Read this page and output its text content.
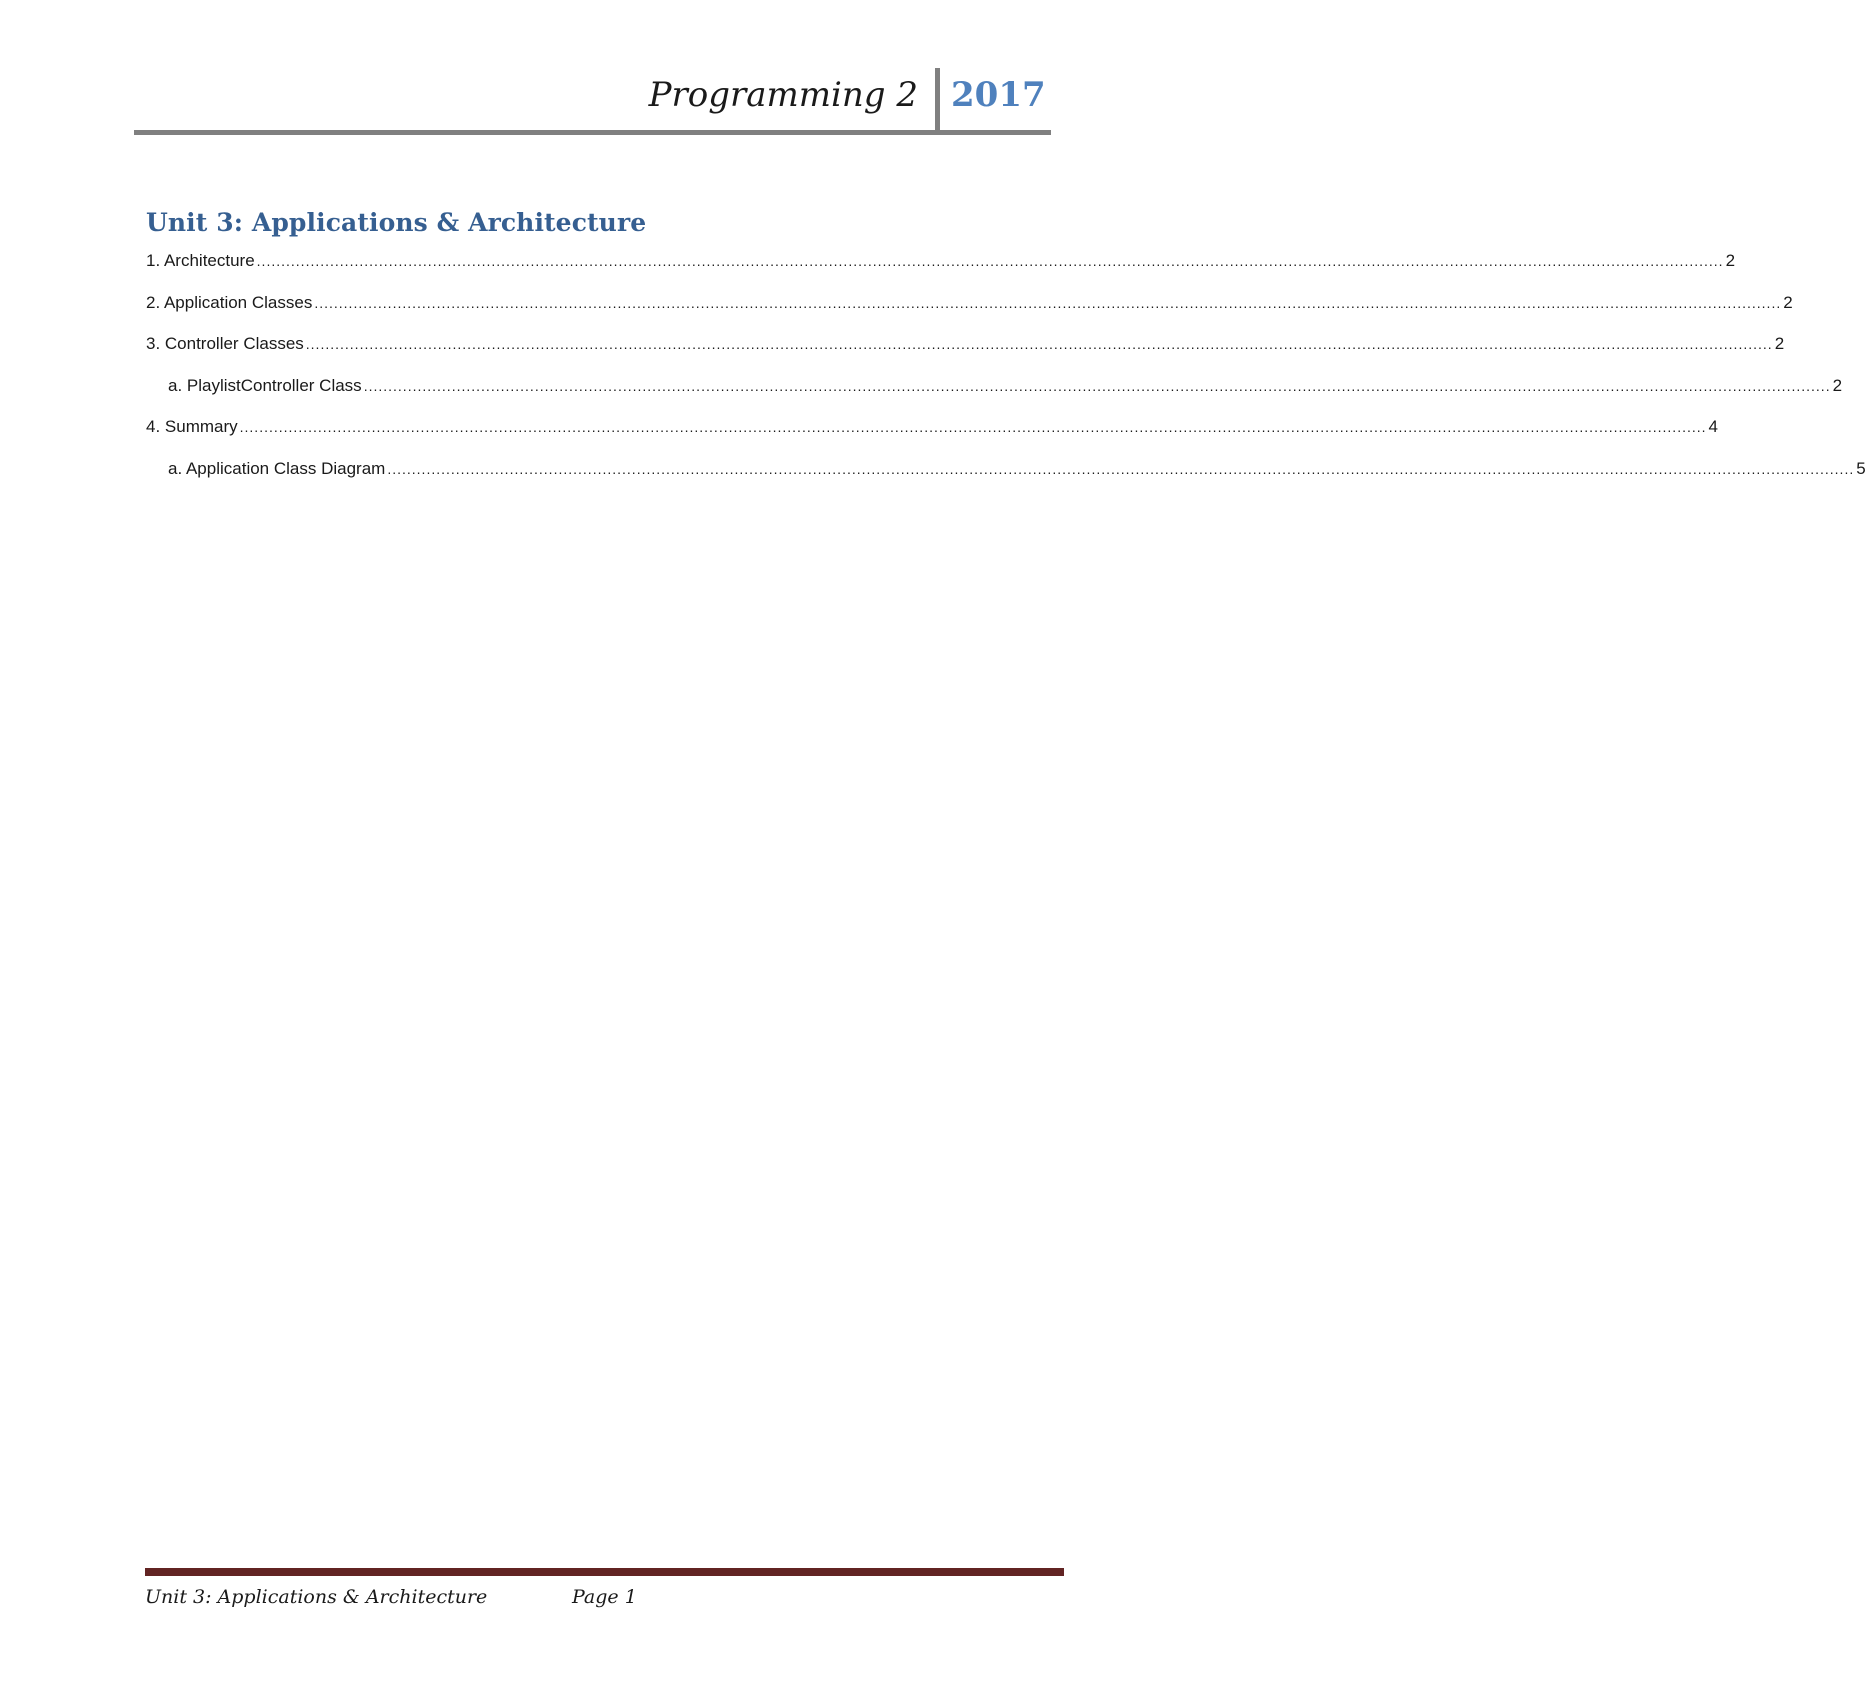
Programming 2 2017
Unit 3: Applications & Architecture
1. Architecture ............................................................................................................................................................................................................................................................................................................ 2
2. Application Classes ............................................................................................................................................................................................................................................................................................................ 2
3. Controller Classes ............................................................................................................................................................................................................................................................................................................ 2
a. PlaylistController Class ............................................................................................................................................................................................................................................................................................................ 2
4. Summary ............................................................................................................................................................................................................................................................................................................ 4
a. Application Class Diagram ............................................................................................................................................................................................................................................................................................................ 5
Unit 3: Applications & Architecture	Page 1
